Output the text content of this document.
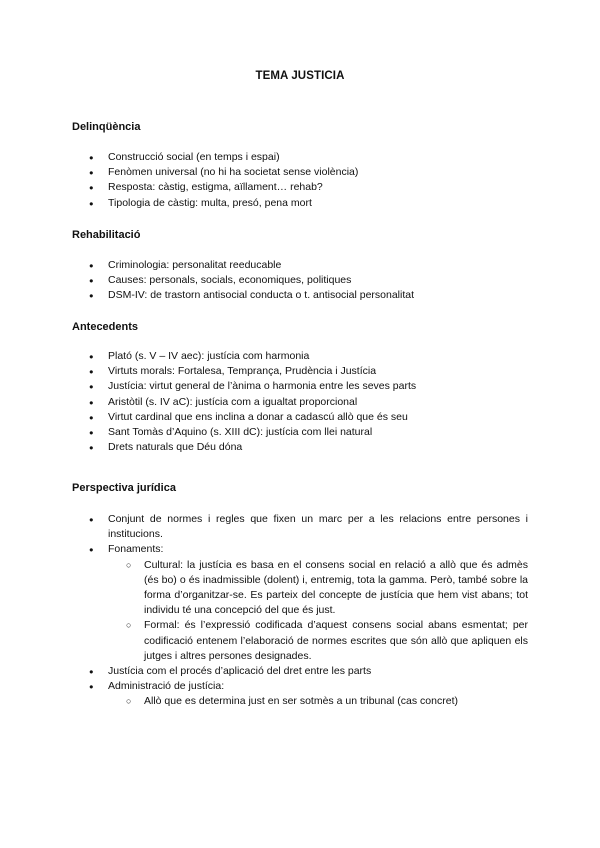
TEMA JUSTICIA
Delinqüència
● Construcció social (en temps i espai)
● Fenòmen universal (no hi ha societat sense violència)
● Resposta: càstig, estigma, aïllament… rehab?
● Tipologia de càstig: multa, presó, pena mort
Rehabilitació
● Criminologia: personalitat reeducable
● Causes: personals, socials, economiques, politiques
● DSM-IV: de trastorn antisocial conducta o t. antisocial personalitat
Antecedents
● Plató (s. V – IV aec): justícia com harmonia
● Virtuts morals: Fortalesa, Temprança, Prudència i Justícia
● Justícia: virtut general de l’ànima o harmonia entre les seves parts
● Aristòtil (s. IV aC): justícia com a igualtat proporcional
● Virtut cardinal que ens inclina a donar a cadascú allò que és seu
● Sant Tomàs d’Aquino (s. XIII dC): justícia com llei natural
● Drets naturals que Déu dóna
Perspectiva jurídica
● Conjunt de normes i regles que fixen un marc per a les relacions entre persones i institucions.
● Fonaments:
○ Cultural: la justícia es basa en el consens social en relació a allò que és admès (és bo) o és inadmissible (dolent) i, entremig, tota la gamma. Però, també sobre la forma d’organitzar-se. Es parteix del concepte de justícia que hem vist abans; tot individu té una concepció del que és just.
○ Formal: és l’expressió codificada d’aquest consens social abans esmentat; per codificació entenem l’elaboració de normes escrites que són allò que apliquen els jutges i altres persones designades.
● Justícia com el procés d’aplicació del dret entre les parts
● Administració de justícia:
○ Allò que es determina just en ser sotmès a un tribunal (cas concret)
